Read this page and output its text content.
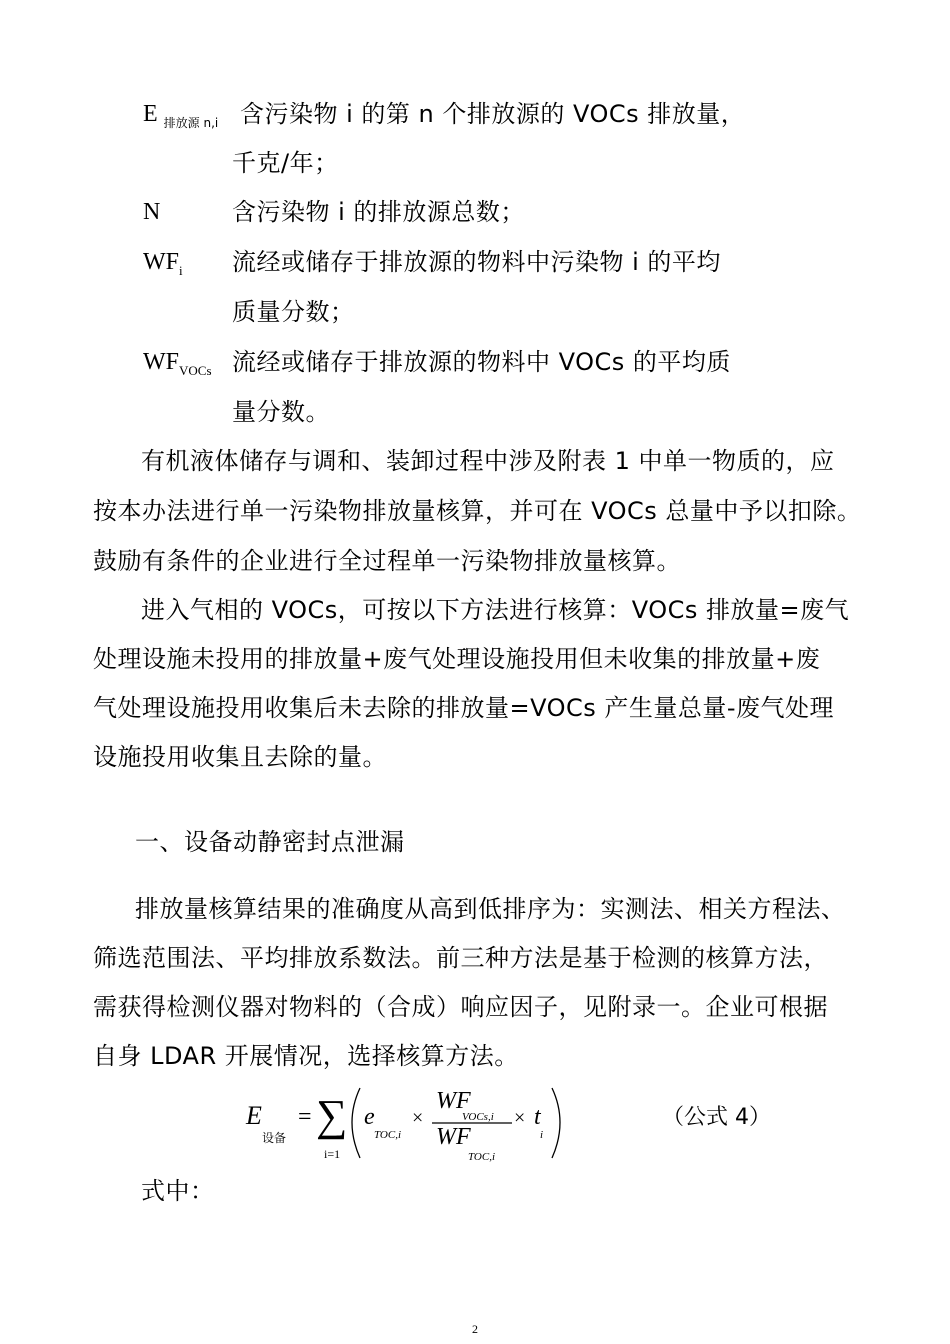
E $_{排放源 n,i}$ 含污染物 i 的第 n 个排放源的 VOCs 排放量，
千克/年；
N	含污染物 i 的排放源总数；
$WF_i$ 流经或储存于排放源的物料中污染物 i 的平均
质量分数；
$WF_{VOCs}$ 流经或储存于排放源的物料中 VOCs 的平均质
量分数。
有机液体储存与调和、装卸过程中涉及附表 1 中单一物质的，应
按本办法进行单一污染物排放量核算，并可在 VOCs 总量中予以扣除。
鼓励有条件的企业进行全过程单一污染物排放量核算。
进入气相的 VOCs，可按以下方法进行核算：VOCs 排放量=废气
处理设施未投用的排放量+废气处理设施投用但未收集的排放量+废
气处理设施投用收集后未去除的排放量=VOCs 产生量总量-废气处理
设施投用收集且去除的量。
一、设备动静密封点泄漏
排放量核算结果的准确度从高到低排序为：实测法、相关方程法、
筛选范围法、平均排放系数法。前三种方法是基于检测的核算方法，
需获得检测仪器对物料的（合成）响应因子，见附录一。企业可根据
自身 LDAR 开展情况，选择核算方法。
E
设备
= ∑
i=1
e
TOC,i
×
WF
VOCs,i
WF
TOC,i
× t
i
（公式 4）
式中：
2
